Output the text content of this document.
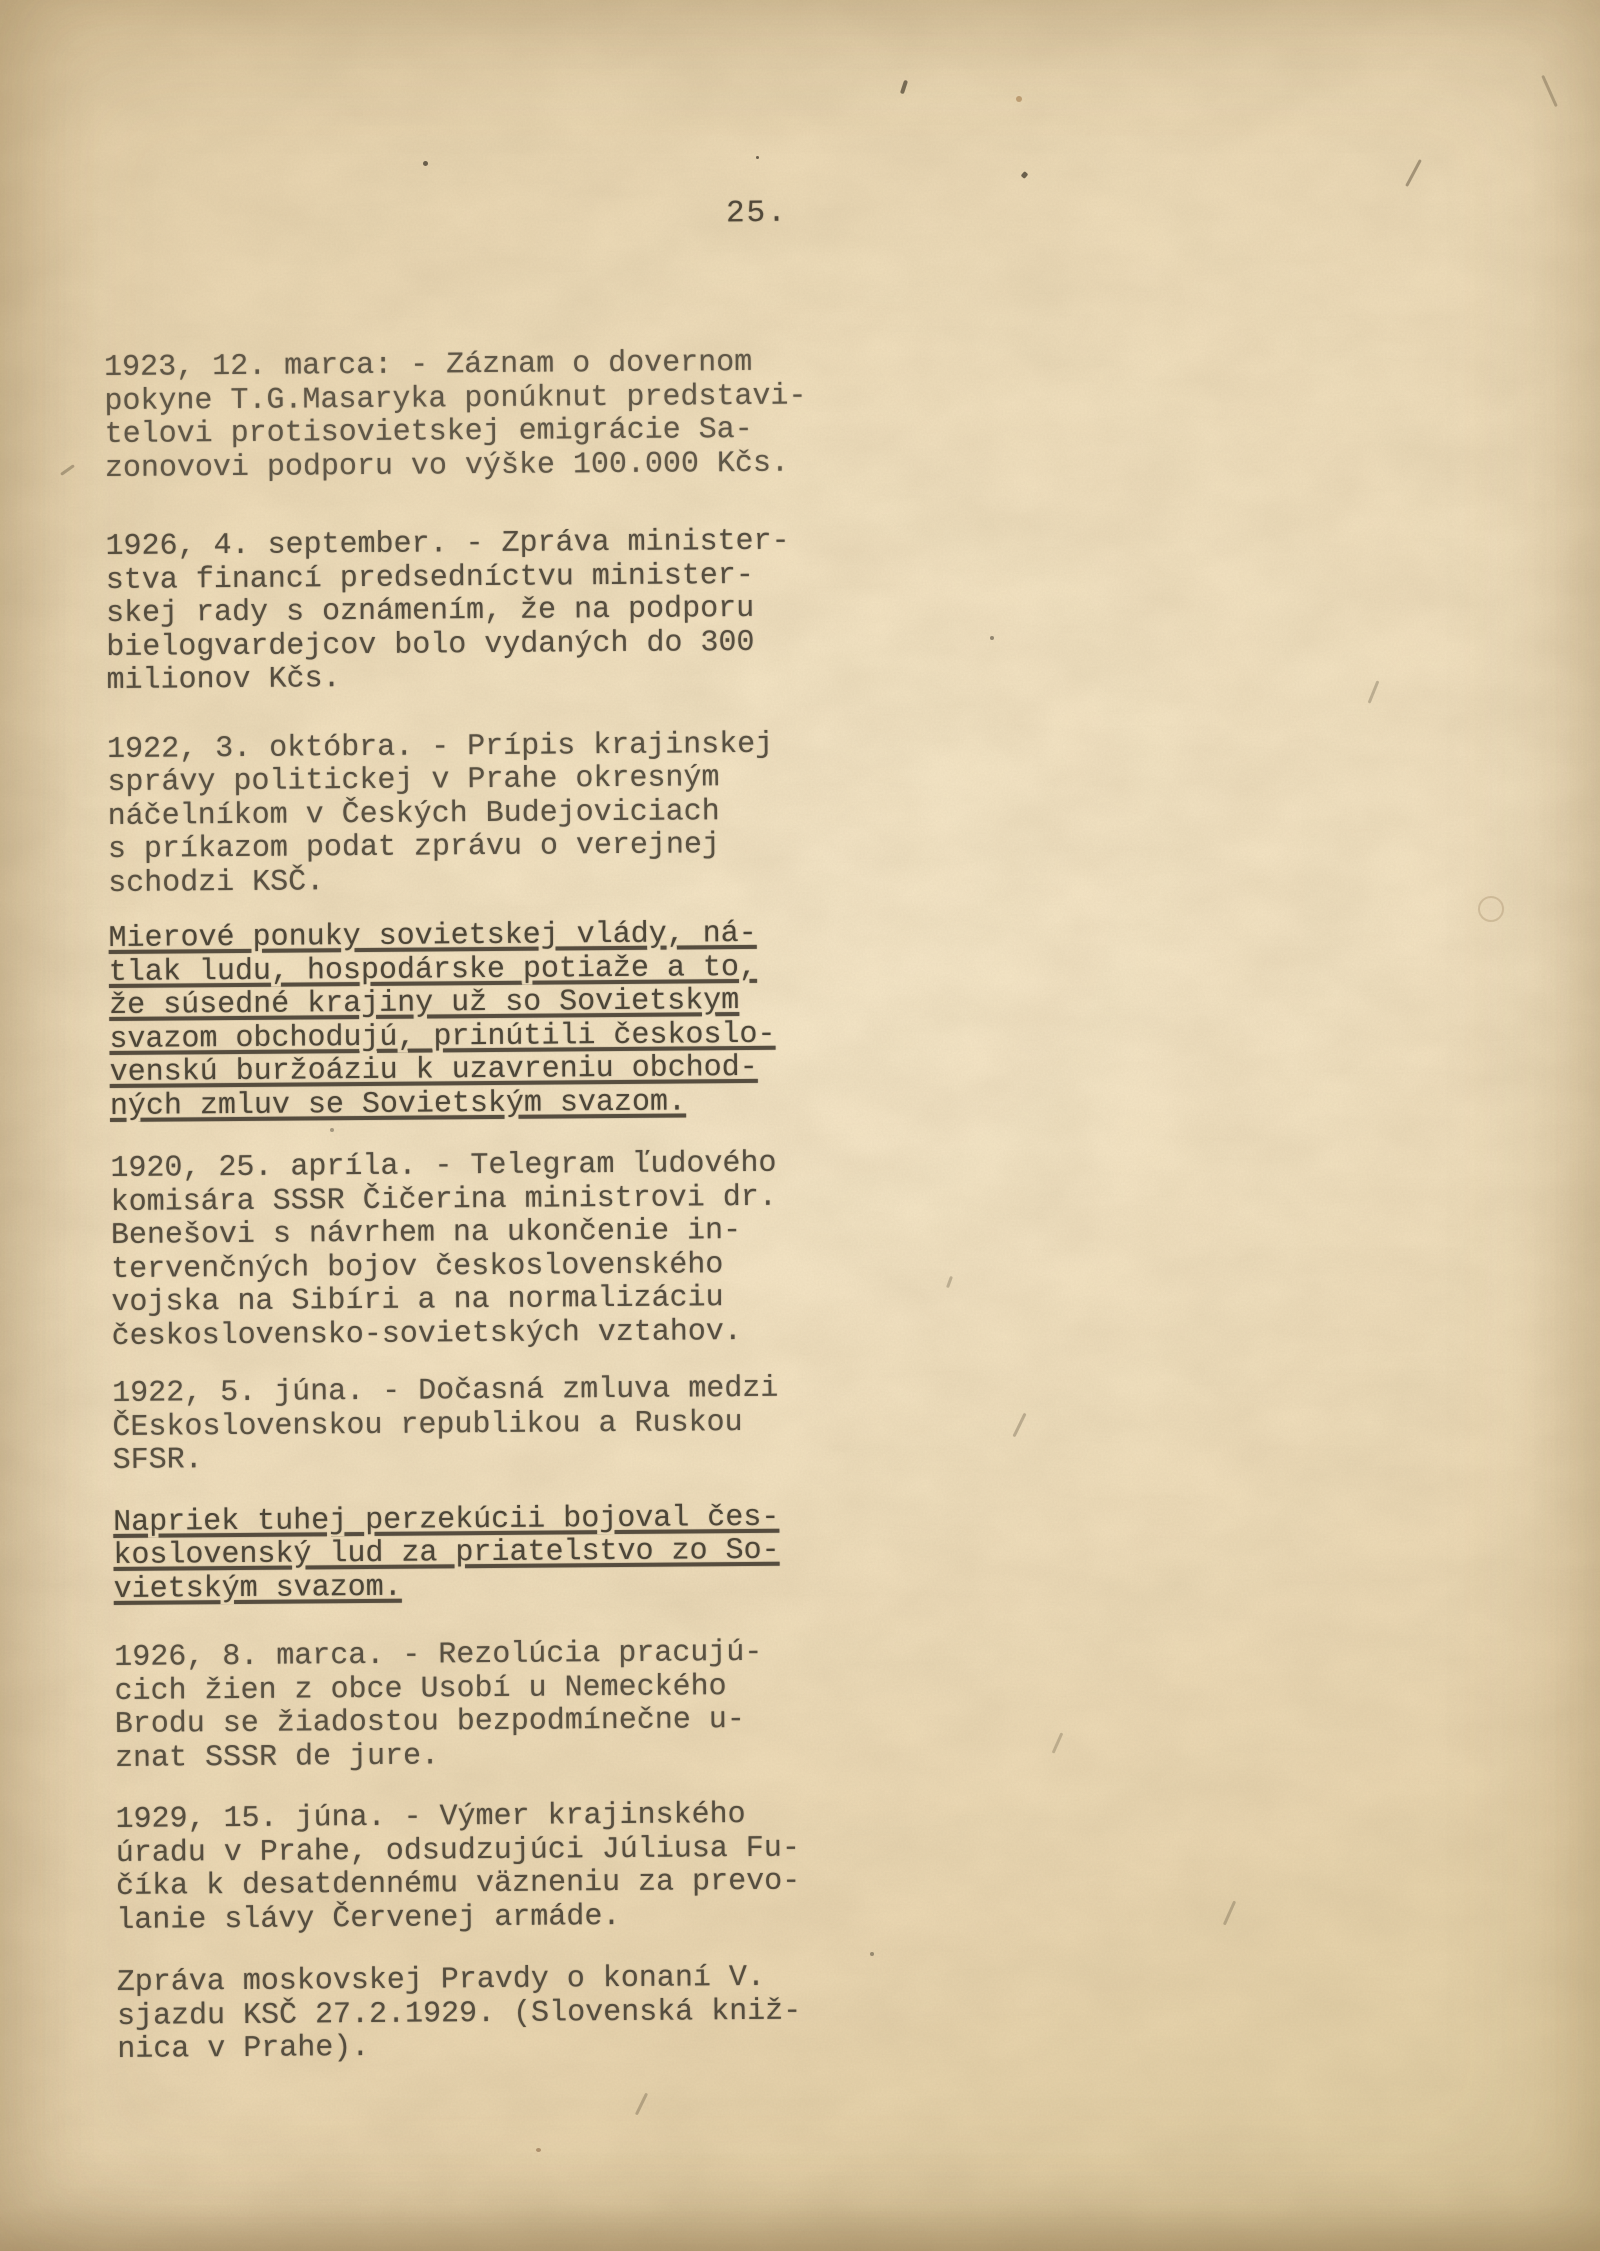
25.
1923, 12. marca: - Záznam o dovernom
pokyne T.G.Masaryka ponúknut predstavi-
telovi protisovietskej emigrácie Sa-
zonovovi podporu vo výške 100.000 Kčs.
1926, 4. september. - Zpráva minister-
stva financí predsedníctvu minister-
skej rady s oznámením, že na podporu
bielogvardejcov bolo vydaných do 300
milionov Kčs.
1922, 3. októbra. - Prípis krajinskej
správy politickej v Prahe okresným
náčelníkom v Českých Budejoviciach
s príkazom podat zprávu o verejnej
schodzi KSČ.
Mierové ponuky sovietskej vlády, ná-
tlak ludu, hospodárske potiaže a to,
že súsedné krajiny už so Sovietskym
svazom obchodujú, prinútili českoslo-
venskú buržoáziu k uzavreniu obchod-
ných zmluv se Sovietským svazom.
1920, 25. apríla. - Telegram ľudového
komisára SSSR Čičerina ministrovi dr.
Benešovi s návrhem na ukončenie in-
tervenčných bojov československého
vojska na Sibíri a na normalizáciu
československo-sovietských vztahov.
1922, 5. júna. - Dočasná zmluva medzi
ČEskoslovenskou republikou a Ruskou
SFSR.
Napriek tuhej perzekúcii bojoval čes-
koslovenský lud za priatelstvo zo So-
vietským svazom.
1926, 8. marca. - Rezolúcia pracujú-
cich žien z obce Usobí u Nemeckého
Brodu se žiadostou bezpodmínečne u-
znat SSSR de jure.
1929, 15. júna. - Výmer krajinského
úradu v Prahe, odsudzujúci Júliusa Fu-
číka k desatdennému väzneniu za prevo-
lanie slávy Červenej armáde.
Zpráva moskovskej Pravdy o konaní V.
sjazdu KSČ 27.2.1929. (Slovenská kniž-
nica v Prahe).
